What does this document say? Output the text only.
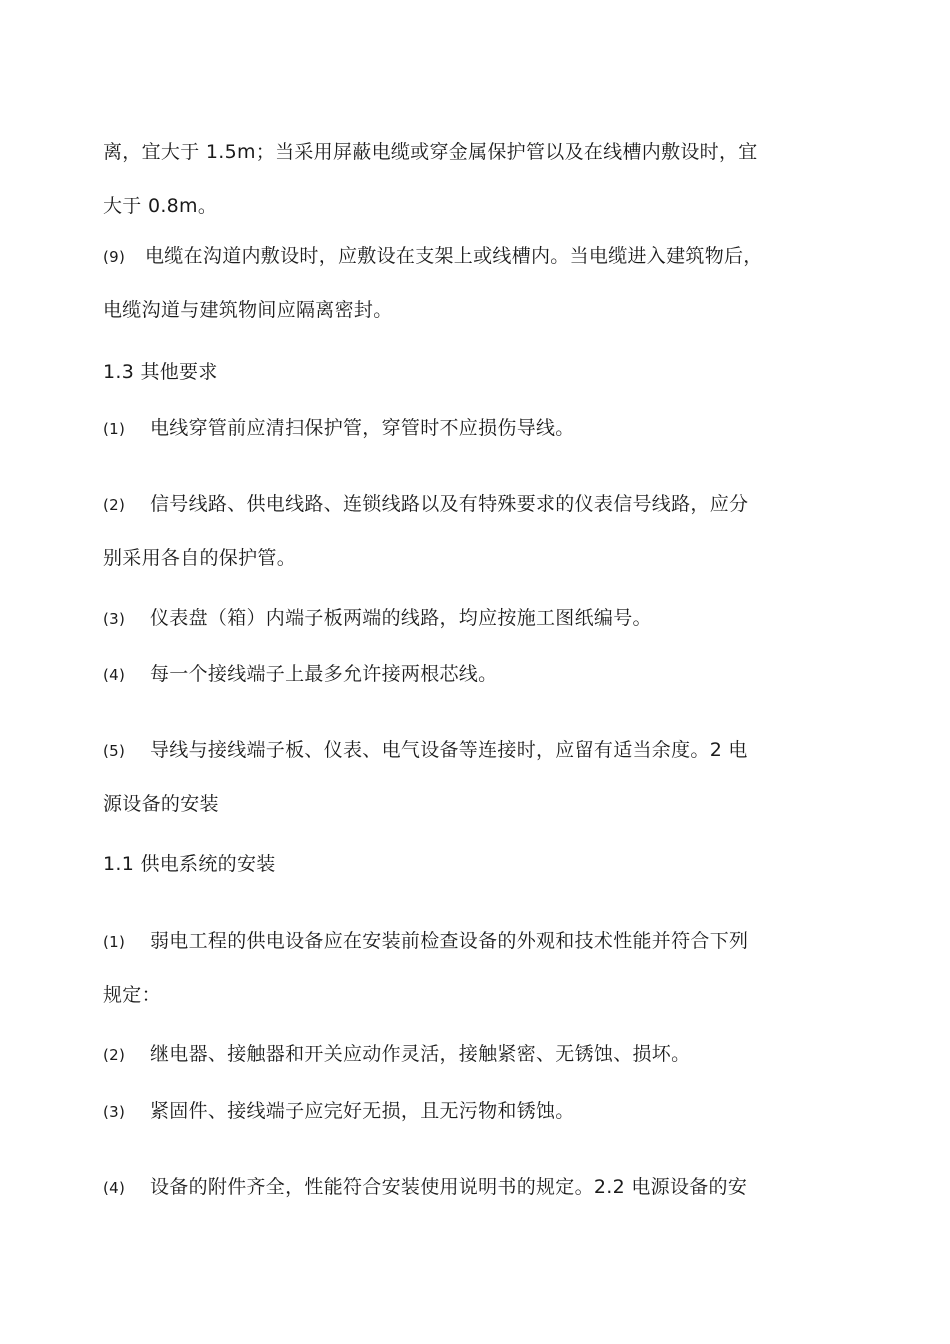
离，宜大于 1.5m；当采用屏蔽电缆或穿金属保护管以及在线槽内敷设时，宜
大于 0.8m。
(9) 电缆在沟道内敷设时，应敷设在支架上或线槽内。当电缆进入建筑物后，
电缆沟道与建筑物间应隔离密封。
1.3 其他要求
(1) 电线穿管前应清扫保护管，穿管时不应损伤导线。
(2) 信号线路、供电线路、连锁线路以及有特殊要求的仪表信号线路，应分
别采用各自的保护管。
(3) 仪表盘（箱）内端子板两端的线路，均应按施工图纸编号。
(4) 每一个接线端子上最多允许接两根芯线。
(5) 导线与接线端子板、仪表、电气设备等连接时，应留有适当余度。2 电
源设备的安装
1.1 供电系统的安装
(1) 弱电工程的供电设备应在安装前检查设备的外观和技术性能并符合下列
规定：
(2) 继电器、接触器和开关应动作灵活，接触紧密、无锈蚀、损坏。
(3) 紧固件、接线端子应完好无损，且无污物和锈蚀。
(4) 设备的附件齐全，性能符合安装使用说明书的规定。2.2 电源设备的安
